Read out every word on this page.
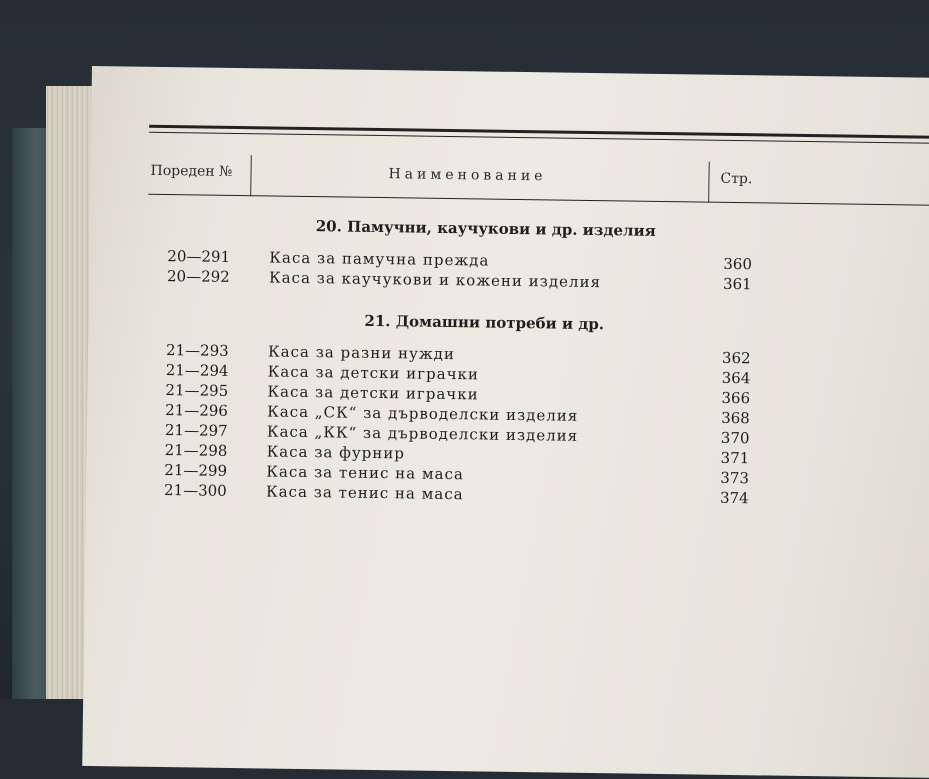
Пореден №	Наименование	Стр.
20. Памучни, каучукови и др. изделия
20—291	Каса за памучна прежда	360
20—292	Каса за каучукови и кожени изделия	361
21. Домашни потреби и др.
21—293	Каса за разни нужди	362
21—294	Каса за детски играчки	364
21—295	Каса за детски играчки	366
21—296	Каса „СК“ за дърводелски изделия	368
21—297	Каса „КК“ за дърводелски изделия	370
21—298	Каса за фурнир	371
21—299	Каса за тенис на маса	373
21—300	Каса за тенис на маса	374
